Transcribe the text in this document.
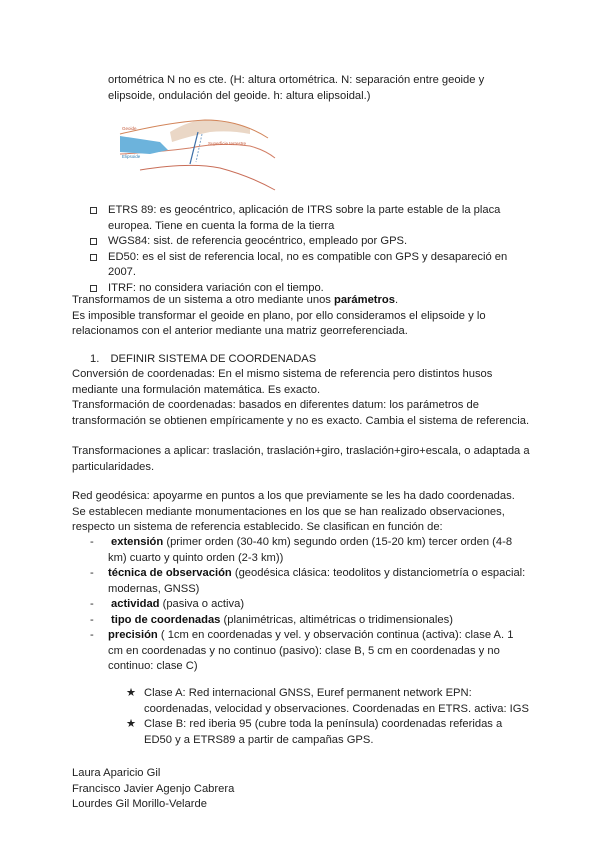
ortométrica N no es cte. (H: altura ortométrica. N: separación entre geoide y

elipsoide, ondulación del geoide. h: altura elipsoidal.)

Geoide
Elipsoide
Superficie terrestre

ETRS 89: es geocéntrico, aplicación de ITRS sobre la parte estable de la placa

europea. Tiene en cuenta la forma de la tierra

WGS84: sist. de referencia geocéntrico, empleado por GPS.

ED50: es el sist de referencia local, no es compatible con GPS y desapareció en

2007.

ITRF: no considera variación con el tiempo.

Transformamos de un sistema a otro mediante unos parámetros.

Es imposible transformar el geoide en plano, por ello consideramos el elipsoide y lo

relacionamos con el anterior mediante una matriz georreferenciada.

1. DEFINIR SISTEMA DE COORDENADAS

Conversión de coordenadas: En el mismo sistema de referencia pero distintos husos

mediante una formulación matemática. Es exacto.

Transformación de coordenadas: basados en diferentes datum: los parámetros de

transformación se obtienen empíricamente y no es exacto. Cambia el sistema de referencia.

Transformaciones a aplicar: traslación, traslación+giro, traslación+giro+escala, o adaptada a

particularidades.

Red geodésica: apoyarme en puntos a los que previamente se les ha dado coordenadas.

Se establecen mediante monumentaciones en los que se han realizado observaciones,

respecto un sistema de referencia establecido. Se clasifican en función de:

- extensión (primer orden (30-40 km) segundo orden (15-20 km) tercer orden (4-8

km) cuarto y quinto orden (2-3 km))

- técnica de observación (geodésica clásica: teodolitos y distanciometría o espacial:

modernas, GNSS)

- actividad (pasiva o activa)

- tipo de coordenadas (planimétricas, altimétricas o tridimensionales)

- precisión ( 1cm en coordenadas y vel. y observación continua (activa): clase A. 1

cm en coordenadas y no continuo (pasivo): clase B, 5 cm en coordenadas y no

continuo: clase C)

★ Clase A: Red internacional GNSS, Euref permanent network EPN:

coordenadas, velocidad y observaciones. Coordenadas en ETRS. activa: IGS

★ Clase B: red iberia 95 (cubre toda la península) coordenadas referidas a

ED50 y a ETRS89 a partir de campañas GPS.

Laura Aparicio Gil

Francisco Javier Agenjo Cabrera

Lourdes Gil Morillo-Velarde
